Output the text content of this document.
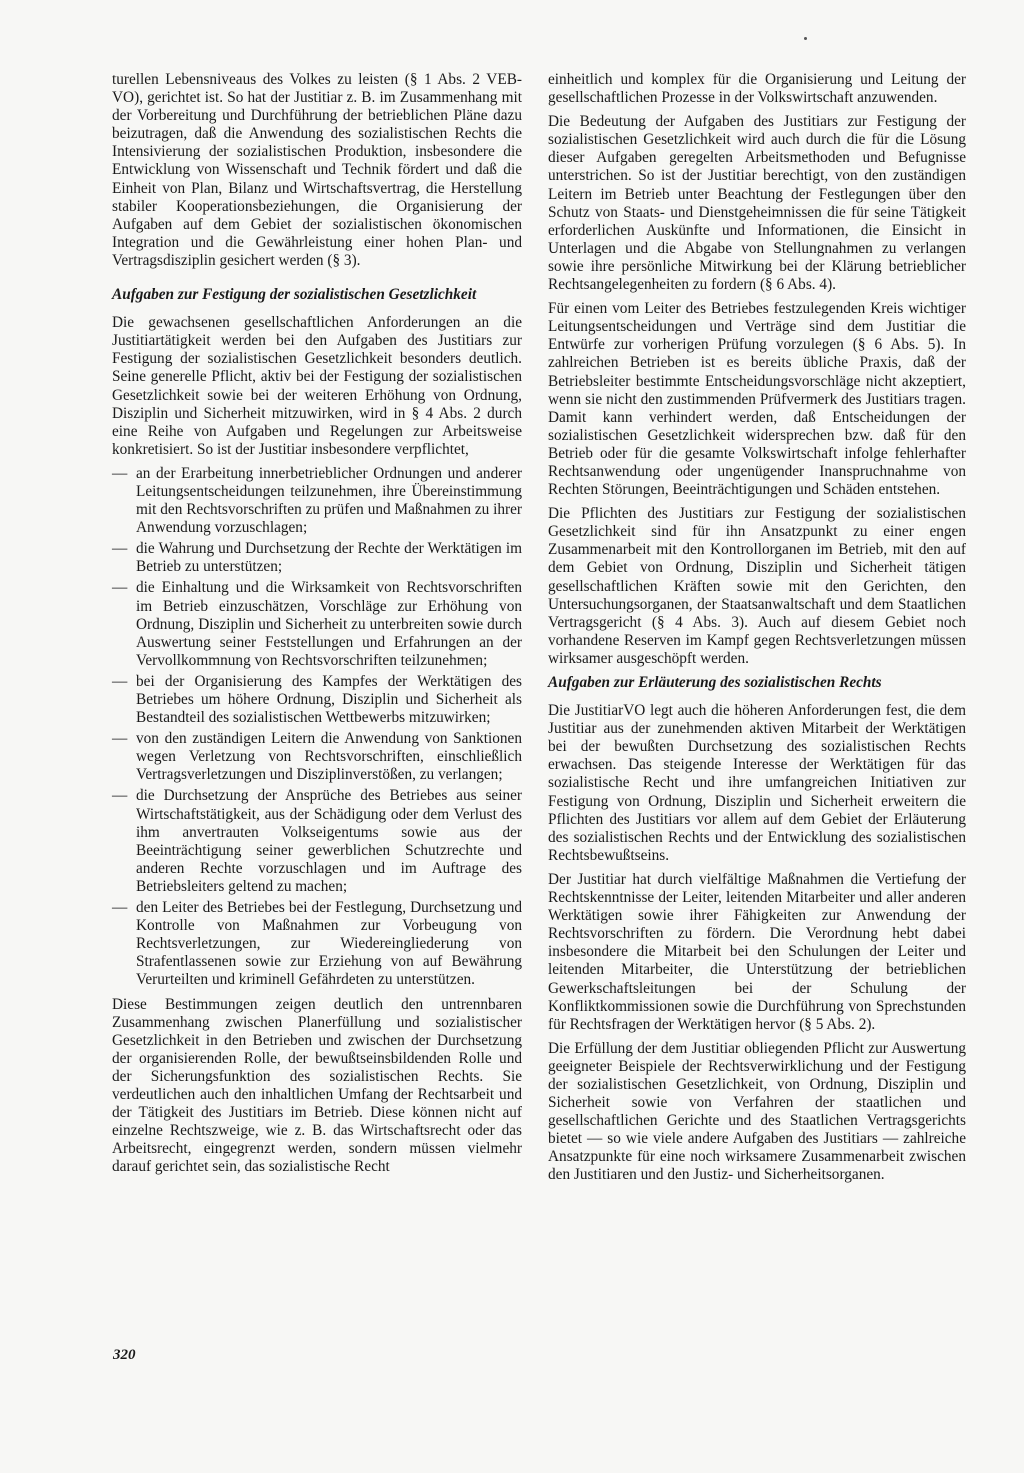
turellen Lebensniveaus des Volkes zu leisten (§ 1 Abs. 2 VEB-VO), gerichtet ist. So hat der Justitiar z. B. im Zusammenhang mit der Vorbereitung und Durchführung der betrieblichen Pläne dazu beizutragen, daß die Anwendung des sozialistischen Rechts die Intensivierung der sozialistischen Produktion, insbesondere die Entwicklung von Wissenschaft und Technik fördert und daß die Einheit von Plan, Bilanz und Wirtschaftsvertrag, die Herstellung stabiler Kooperationsbeziehungen, die Organisierung der Aufgaben auf dem Gebiet der sozialistischen ökonomischen Integration und die Gewährleistung einer hohen Plan- und Vertragsdisziplin gesichert werden (§ 3).

Aufgaben zur Festigung der sozialistischen Gesetzlichkeit

Die gewachsenen gesellschaftlichen Anforderungen an die Justitiartätigkeit werden bei den Aufgaben des Justitiars zur Festigung der sozialistischen Gesetzlichkeit besonders deutlich. Seine generelle Pflicht, aktiv bei der Festigung der sozialistischen Gesetzlichkeit sowie bei der weiteren Erhöhung von Ordnung, Disziplin und Sicherheit mitzuwirken, wird in § 4 Abs. 2 durch eine Reihe von Aufgaben und Regelungen zur Arbeitsweise konkretisiert. So ist der Justitiar insbesondere verpflichtet,

— an der Erarbeitung innerbetrieblicher Ordnungen und anderer Leitungsentscheidungen teilzunehmen, ihre Übereinstimmung mit den Rechtsvorschriften zu prüfen und Maßnahmen zu ihrer Anwendung vorzuschlagen;
— die Wahrung und Durchsetzung der Rechte der Werktätigen im Betrieb zu unterstützen;
— die Einhaltung und die Wirksamkeit von Rechtsvorschriften im Betrieb einzuschätzen, Vorschläge zur Erhöhung von Ordnung, Disziplin und Sicherheit zu unterbreiten sowie durch Auswertung seiner Feststellungen und Erfahrungen an der Vervollkommnung von Rechtsvorschriften teilzunehmen;
— bei der Organisierung des Kampfes der Werktätigen des Betriebes um höhere Ordnung, Disziplin und Sicherheit als Bestandteil des sozialistischen Wettbewerbs mitzuwirken;
— von den zuständigen Leitern die Anwendung von Sanktionen wegen Verletzung von Rechtsvorschriften, einschließlich Vertragsverletzungen und Disziplinverstößen, zu verlangen;
— die Durchsetzung der Ansprüche des Betriebes aus seiner Wirtschaftstätigkeit, aus der Schädigung oder dem Verlust des ihm anvertrauten Volkseigentums sowie aus der Beeinträchtigung seiner gewerblichen Schutzrechte und anderen Rechte vorzuschlagen und im Auftrage des Betriebsleiters geltend zu machen;
— den Leiter des Betriebes bei der Festlegung, Durchsetzung und Kontrolle von Maßnahmen zur Vorbeugung von Rechtsverletzungen, zur Wiedereingliederung von Strafentlassenen sowie zur Erziehung von auf Bewährung Verurteilten und kriminell Gefährdeten zu unterstützen.

Diese Bestimmungen zeigen deutlich den untrennbaren Zusammenhang zwischen Planerfüllung und sozialistischer Gesetzlichkeit in den Betrieben und zwischen der Durchsetzung der organisierenden Rolle, der bewußtseinsbildenden Rolle und der Sicherungsfunktion des sozialistischen Rechts. Sie verdeutlichen auch den inhaltlichen Umfang der Rechtsarbeit und der Tätigkeit des Justitiars im Betrieb. Diese können nicht auf einzelne Rechtszweige, wie z. B. das Wirtschaftsrecht oder das Arbeitsrecht, eingegrenzt werden, sondern müssen vielmehr darauf gerichtet sein, das sozialistische Recht

einheitlich und komplex für die Organisierung und Leitung der gesellschaftlichen Prozesse in der Volkswirtschaft anzuwenden.

Die Bedeutung der Aufgaben des Justitiars zur Festigung der sozialistischen Gesetzlichkeit wird auch durch die für die Lösung dieser Aufgaben geregelten Arbeitsmethoden und Befugnisse unterstrichen. So ist der Justitiar berechtigt, von den zuständigen Leitern im Betrieb unter Beachtung der Festlegungen über den Schutz von Staats- und Dienstgeheimnissen die für seine Tätigkeit erforderlichen Auskünfte und Informationen, die Einsicht in Unterlagen und die Abgabe von Stellungnahmen zu verlangen sowie ihre persönliche Mitwirkung bei der Klärung betrieblicher Rechtsangelegenheiten zu fordern (§ 6 Abs. 4).

Für einen vom Leiter des Betriebes festzulegenden Kreis wichtiger Leitungsentscheidungen und Verträge sind dem Justitiar die Entwürfe zur vorherigen Prüfung vorzulegen (§ 6 Abs. 5). In zahlreichen Betrieben ist es bereits übliche Praxis, daß der Betriebsleiter bestimmte Entscheidungsvorschläge nicht akzeptiert, wenn sie nicht den zustimmenden Prüfvermerk des Justitiars tragen. Damit kann verhindert werden, daß Entscheidungen der sozialistischen Gesetzlichkeit widersprechen bzw. daß für den Betrieb oder für die gesamte Volkswirtschaft infolge fehlerhafter Rechtsanwendung oder ungenügender Inanspruchnahme von Rechten Störungen, Beeinträchtigungen und Schäden entstehen.

Die Pflichten des Justitiars zur Festigung der sozialistischen Gesetzlichkeit sind für ihn Ansatzpunkt zu einer engen Zusammenarbeit mit den Kontrollorganen im Betrieb, mit den auf dem Gebiet von Ordnung, Disziplin und Sicherheit tätigen gesellschaftlichen Kräften sowie mit den Gerichten, den Untersuchungsorganen, der Staatsanwaltschaft und dem Staatlichen Vertragsgericht (§ 4 Abs. 3). Auch auf diesem Gebiet noch vorhandene Reserven im Kampf gegen Rechtsverletzungen müssen wirksamer ausgeschöpft werden.

Aufgaben zur Erläuterung des sozialistischen Rechts

Die JustitiarVO legt auch die höheren Anforderungen fest, die dem Justitiar aus der zunehmenden aktiven Mitarbeit der Werktätigen bei der bewußten Durchsetzung des sozialistischen Rechts erwachsen. Das steigende Interesse der Werktätigen für das sozialistische Recht und ihre umfangreichen Initiativen zur Festigung von Ordnung, Disziplin und Sicherheit erweitern die Pflichten des Justitiars vor allem auf dem Gebiet der Erläuterung des sozialistischen Rechts und der Entwicklung des sozialistischen Rechtsbewußtseins.

Der Justitiar hat durch vielfältige Maßnahmen die Vertiefung der Rechtskenntnisse der Leiter, leitenden Mitarbeiter und aller anderen Werktätigen sowie ihrer Fähigkeiten zur Anwendung der Rechtsvorschriften zu fördern. Die Verordnung hebt dabei insbesondere die Mitarbeit bei den Schulungen der Leiter und leitenden Mitarbeiter, die Unterstützung der betrieblichen Gewerkschaftsleitungen bei der Schulung der Konfliktkommissionen sowie die Durchführung von Sprechstunden für Rechtsfragen der Werktätigen hervor (§ 5 Abs. 2).

Die Erfüllung der dem Justitiar obliegenden Pflicht zur Auswertung geeigneter Beispiele der Rechtsverwirklichung und der Festigung der sozialistischen Gesetzlichkeit, von Ordnung, Disziplin und Sicherheit sowie von Verfahren der staatlichen und gesellschaftlichen Gerichte und des Staatlichen Vertragsgerichts bietet — so wie viele andere Aufgaben des Justitiars — zahlreiche Ansatzpunkte für eine noch wirksamere Zusammenarbeit zwischen den Justitiaren und den Justiz- und Sicherheitsorganen.

320
